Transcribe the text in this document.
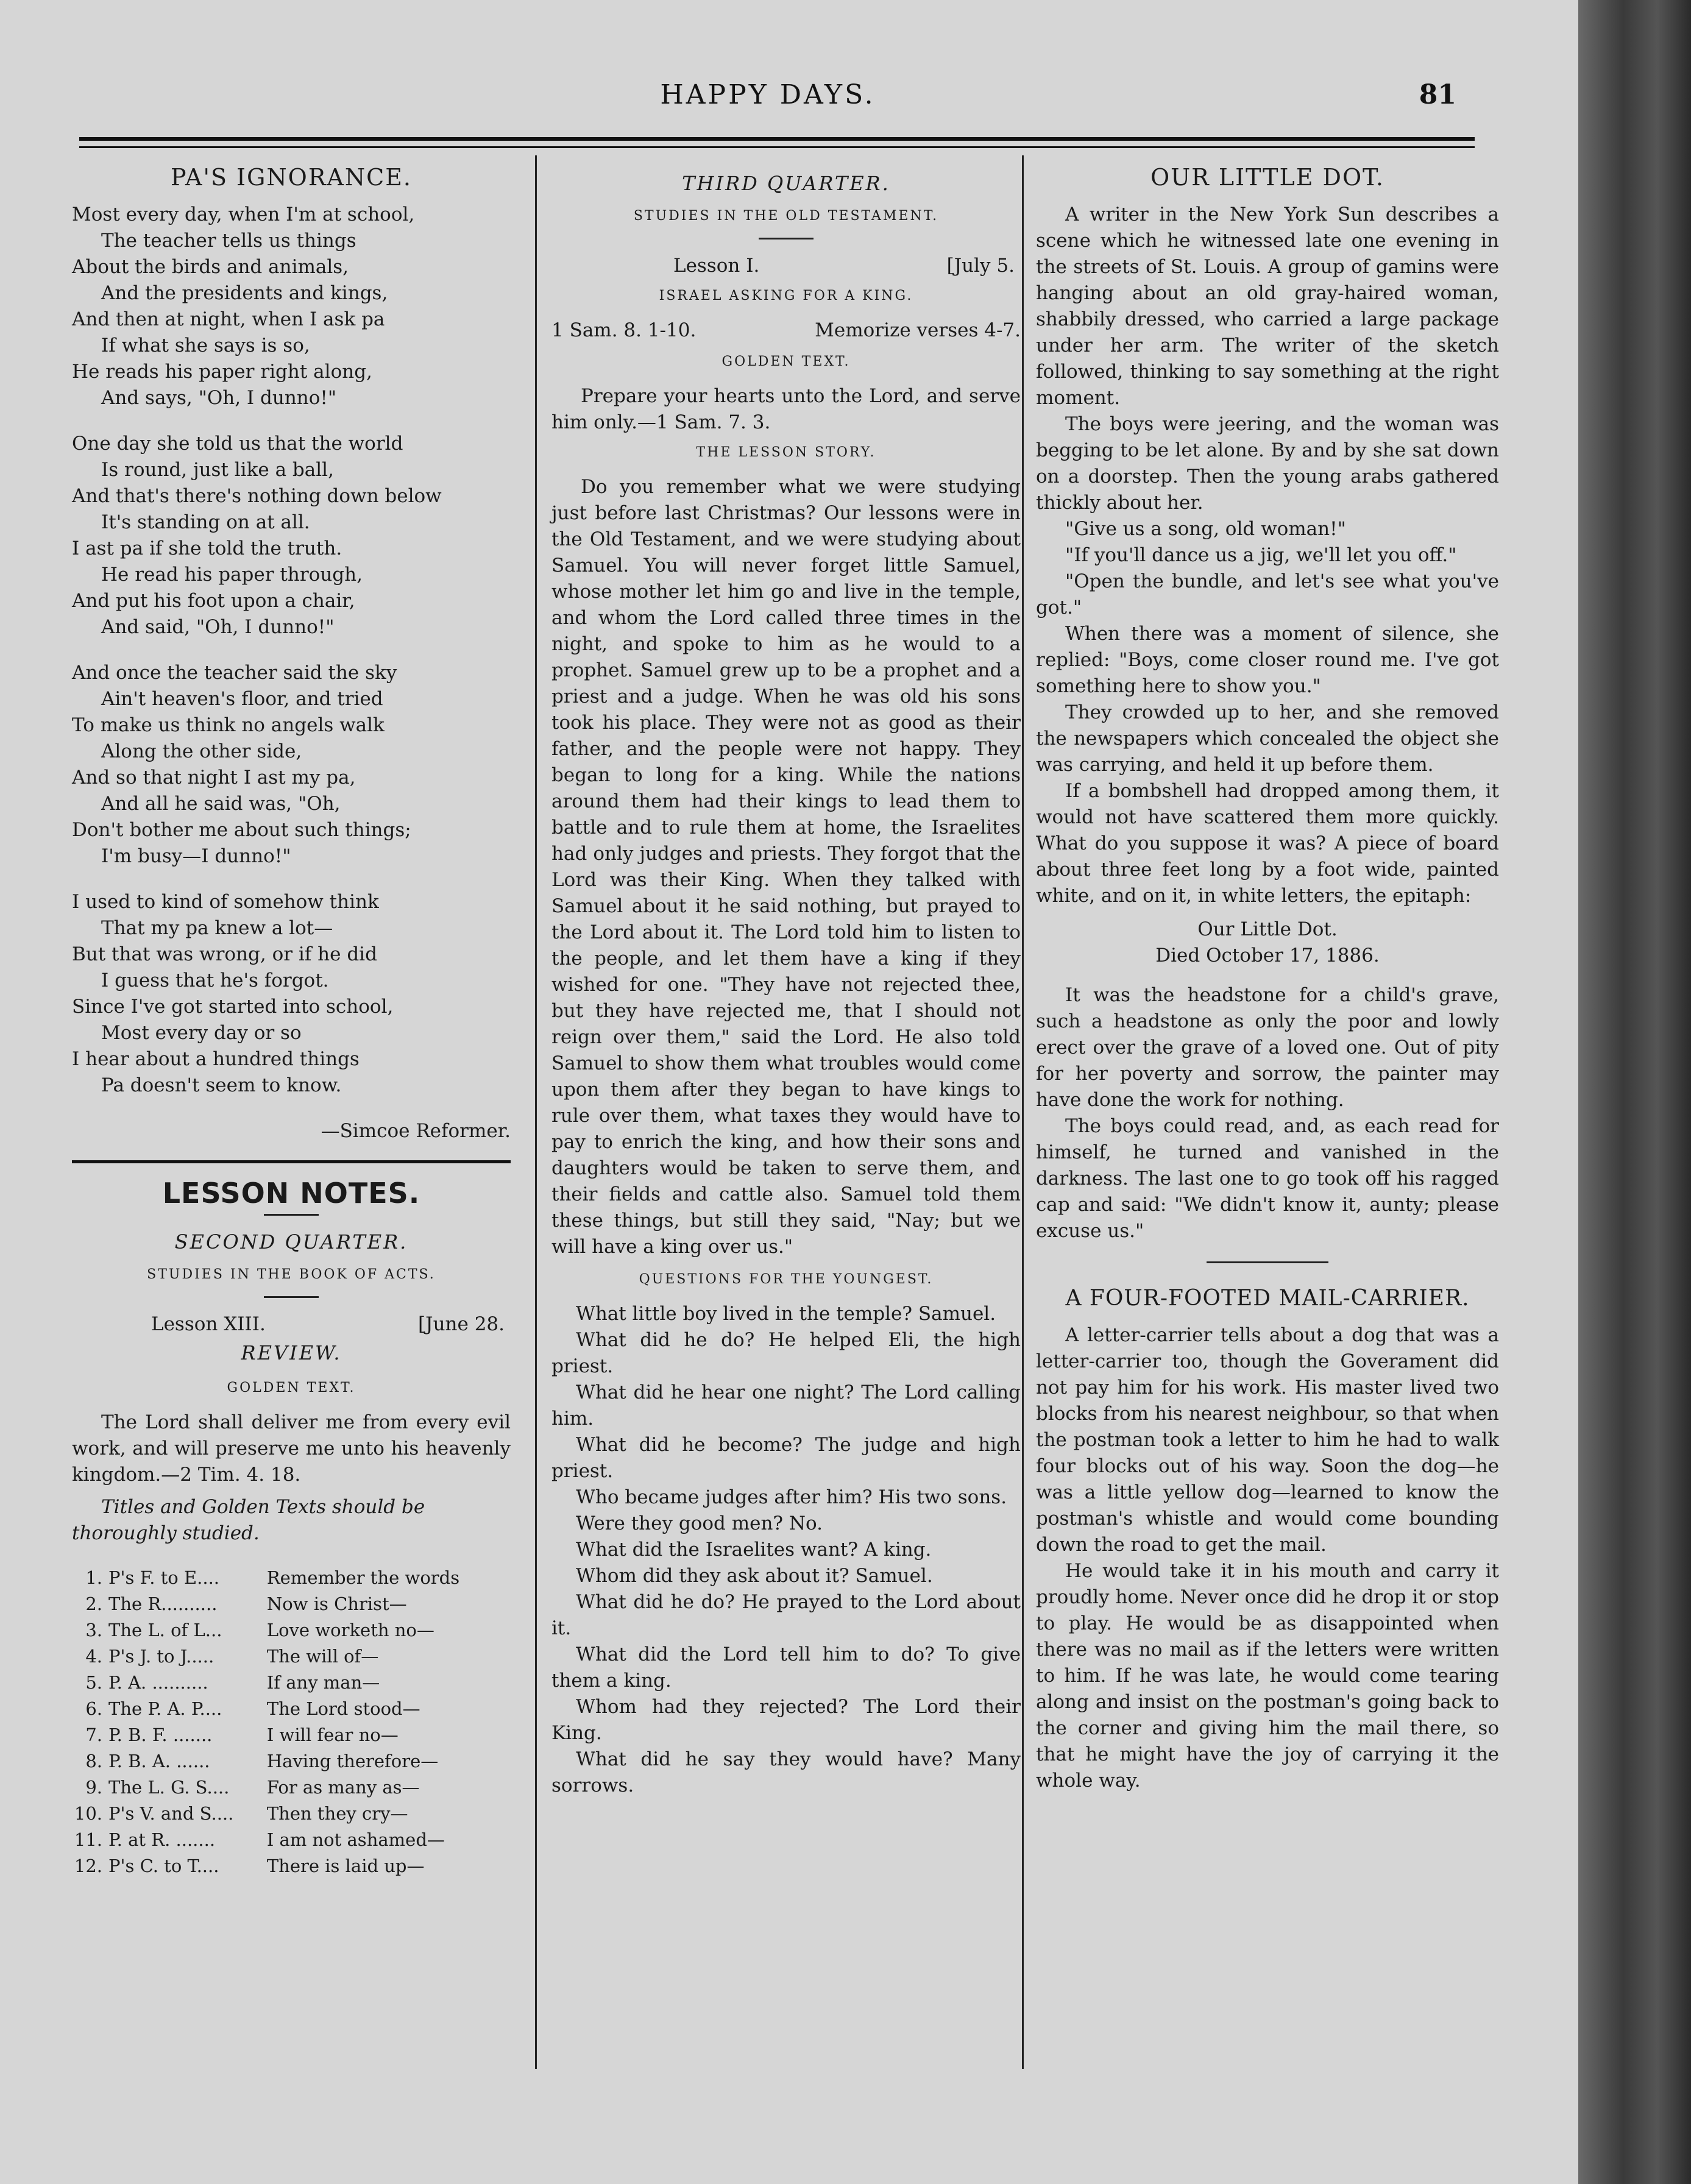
HAPPY DAYS.	81
PA'S IGNORANCE.
Most every day, when I'm at school,
The teacher tells us things
About the birds and animals,
And the presidents and kings,
And then at night, when I ask pa
If what she says is so,
He reads his paper right along,
And says, "Oh, I dunno!"
One day she told us that the world
Is round, just like a ball,
And that's there's nothing down below
It's standing on at all.
I ast pa if she told the truth.
He read his paper through,
And put his foot upon a chair,
And said, "Oh, I dunno!"
And once the teacher said the sky
Ain't heaven's floor, and tried
To make us think no angels walk
Along the other side,
And so that night I ast my pa,
And all he said was, "Oh,
Don't bother me about such things;
I'm busy—I dunno!"
I used to kind of somehow think
That my pa knew a lot—
But that was wrong, or if he did
I guess that he's forgot.
Since I've got started into school,
Most every day or so
I hear about a hundred things
Pa doesn't seem to know.
—Simcoe Reformer.
LESSON NOTES.
SECOND QUARTER.
STUDIES IN THE BOOK OF ACTS.
Lesson XIII.	[June 28.
REVIEW.
GOLDEN TEXT.

The Lord shall deliver me from every evil work, and will preserve me unto his heavenly kingdom.—2 Tim. 4. 18.

Titles and Golden Texts should be thoroughly studied.

1.	P's F. to E....	Remember the words
2.	The R..........	Now is Christ—
3.	The L. of L...	Love worketh no—
4.	P's J. to J.....	The will of—
5.	P. A. ..........	If any man—
6.	The P. A. P....	The Lord stood—
7.	P. B. F. .......	I will fear no—
8.	P. B. A. ......	Having therefore—
9.	The L. G. S....	For as many as—
10.	P's V. and S....	Then they cry—
11.	P. at R. .......	I am not ashamed—
12.	P's C. to T....	There is laid up—
THIRD QUARTER.
STUDIES IN THE OLD TESTAMENT.
Lesson I.	[July 5.
ISRAEL ASKING FOR A KING.
1 Sam. 8. 1-10.	Memorize verses 4-7.
GOLDEN TEXT.

Prepare your hearts unto the Lord, and serve him only.—1 Sam. 7. 3.

THE LESSON STORY.

Do you remember what we were studying just before last Christmas? Our lessons were in the Old Testament, and we were studying about Samuel. You will never forget little Samuel, whose mother let him go and live in the temple, and whom the Lord called three times in the night, and spoke to him as he would to a prophet. Samuel grew up to be a prophet and a priest and a judge. When he was old his sons took his place. They were not as good as their father, and the people were not happy. They began to long for a king. While the nations around them had their kings to lead them to battle and to rule them at home, the Israelites had only judges and priests. They forgot that the Lord was their King. When they talked with Samuel about it he said nothing, but prayed to the Lord about it. The Lord told him to listen to the people, and let them have a king if they wished for one. "They have not rejected thee, but they have rejected me, that I should not reign over them," said the Lord. He also told Samuel to show them what troubles would come upon them after they began to have kings to rule over them, what taxes they would have to pay to enrich the king, and how their sons and daughters would be taken to serve them, and their fields and cattle also. Samuel told them these things, but still they said, "Nay; but we will have a king over us."

QUESTIONS FOR THE YOUNGEST.

What little boy lived in the temple? Samuel.

What did he do? He helped Eli, the high priest.

What did he hear one night? The Lord calling him.

What did he become? The judge and high priest.

Who became judges after him? His two sons.

Were they good men? No.

What did the Israelites want? A king.

Whom did they ask about it? Samuel.

What did he do? He prayed to the Lord about it.

What did the Lord tell him to do? To give them a king.

Whom had they rejected? The Lord their King.

What did he say they would have? Many sorrows.

OUR LITTLE DOT.

A writer in the New York Sun describes a scene which he witnessed late one evening in the streets of St. Louis. A group of gamins were hanging about an old gray-haired woman, shabbily dressed, who carried a large package under her arm. The writer of the sketch followed, thinking to say something at the right moment.

The boys were jeering, and the woman was begging to be let alone. By and by she sat down on a doorstep. Then the young arabs gathered thickly about her.

"Give us a song, old woman!"

"If you'll dance us a jig, we'll let you off."

"Open the bundle, and let's see what you've got."

When there was a moment of silence, she replied: "Boys, come closer round me. I've got something here to show you."

They crowded up to her, and she removed the newspapers which concealed the object she was carrying, and held it up before them.

If a bombshell had dropped among them, it would not have scattered them more quickly. What do you suppose it was? A piece of board about three feet long by a foot wide, painted white, and on it, in white letters, the epitaph:

Our Little Dot.
Died October 17, 1886.

It was the headstone for a child's grave, such a headstone as only the poor and lowly erect over the grave of a loved one. Out of pity for her poverty and sorrow, the painter may have done the work for nothing.

The boys could read, and, as each read for himself, he turned and vanished in the darkness. The last one to go took off his ragged cap and said: "We didn't know it, aunty; please excuse us."

A FOUR-FOOTED MAIL-CARRIER.

A letter-carrier tells about a dog that was a letter-carrier too, though the Goverament did not pay him for his work. His master lived two blocks from his nearest neighbour, so that when the postman took a letter to him he had to walk four blocks out of his way. Soon the dog—he was a little yellow dog—learned to know the postman's whistle and would come bounding down the road to get the mail.

He would take it in his mouth and carry it proudly home. Never once did he drop it or stop to play. He would be as disappointed when there was no mail as if the letters were written to him. If he was late, he would come tearing along and insist on the postman's going back to the corner and giving him the mail there, so that he might have the joy of carrying it the whole way.
